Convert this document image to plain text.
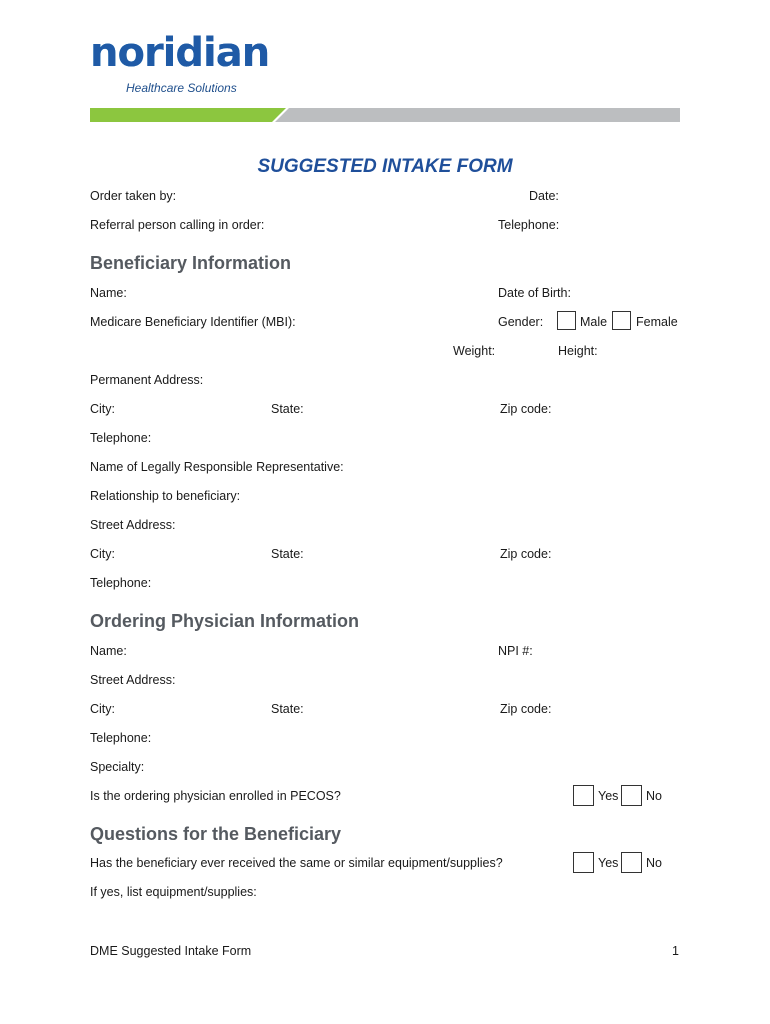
noridian
Healthcare Solutions
SUGGESTED INTAKE FORM
Order taken by:	Date:
Referral person calling in order:	Telephone:
Beneficiary Information
Name:	Date of Birth:
Medicare Beneficiary Identifier (MBI):	Gender:	Male Female
Weight:	Height:
Permanent Address:
City:	State:	Zip code:
Telephone:
Name of Legally Responsible Representative:
Relationship to beneficiary:
Street Address:
City:	State:	Zip code:
Telephone:
Ordering Physician Information
Name:	NPI #:
Street Address:
City:	State:	Zip code:
Telephone:
Specialty:
Is the ordering physician enrolled in PECOS?	Yes No
Questions for the Beneficiary
Has the beneficiary ever received the same or similar equipment/supplies?	Yes No
If yes, list equipment/supplies:
DME Suggested Intake Form	1
